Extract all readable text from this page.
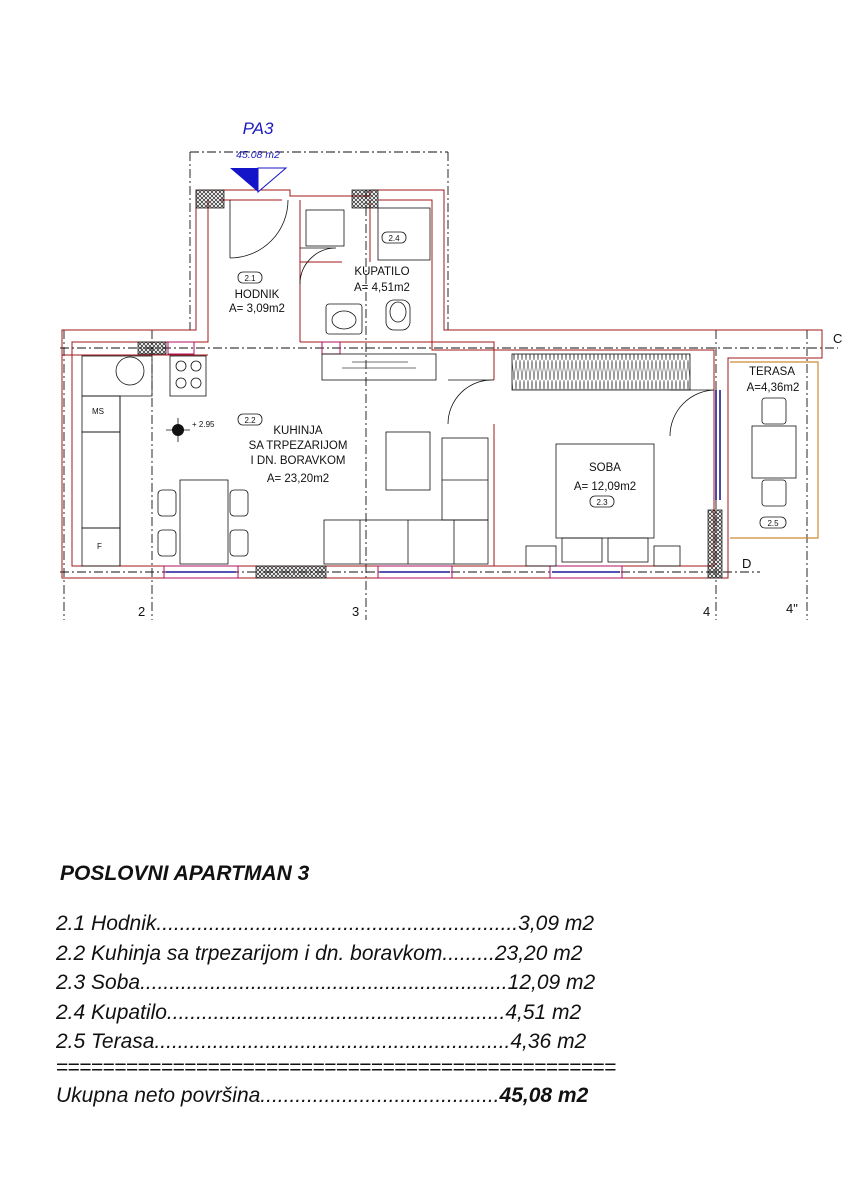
PA3
45.08 m2
2.1
HODNIK
A= 3,09m2
2.2
KUHINJA
SA TRPEZARIJOM
I DN. BORAVKOM
A= 23,20m2
SOBA
A= 12,09m2
2.3
2.4
KUPATILO
A= 4,51m2
TERASA
A=4,36m2
2.5
MS
F
+ 2.95
C
D
2	3	4	4"
POSLOVNI APARTMAN 3
2.1 Hodnik..............................................................3,09 m2
2.2 Kuhinja sa trpezarijom i dn. boravkom.........23,20 m2
2.3 Soba...............................................................12,09 m2
2.4 Kupatilo..........................................................4,51 m2
2.5 Terasa.............................................................4,36 m2
================================================
Ukupna neto površina.........................................45,08 m2
